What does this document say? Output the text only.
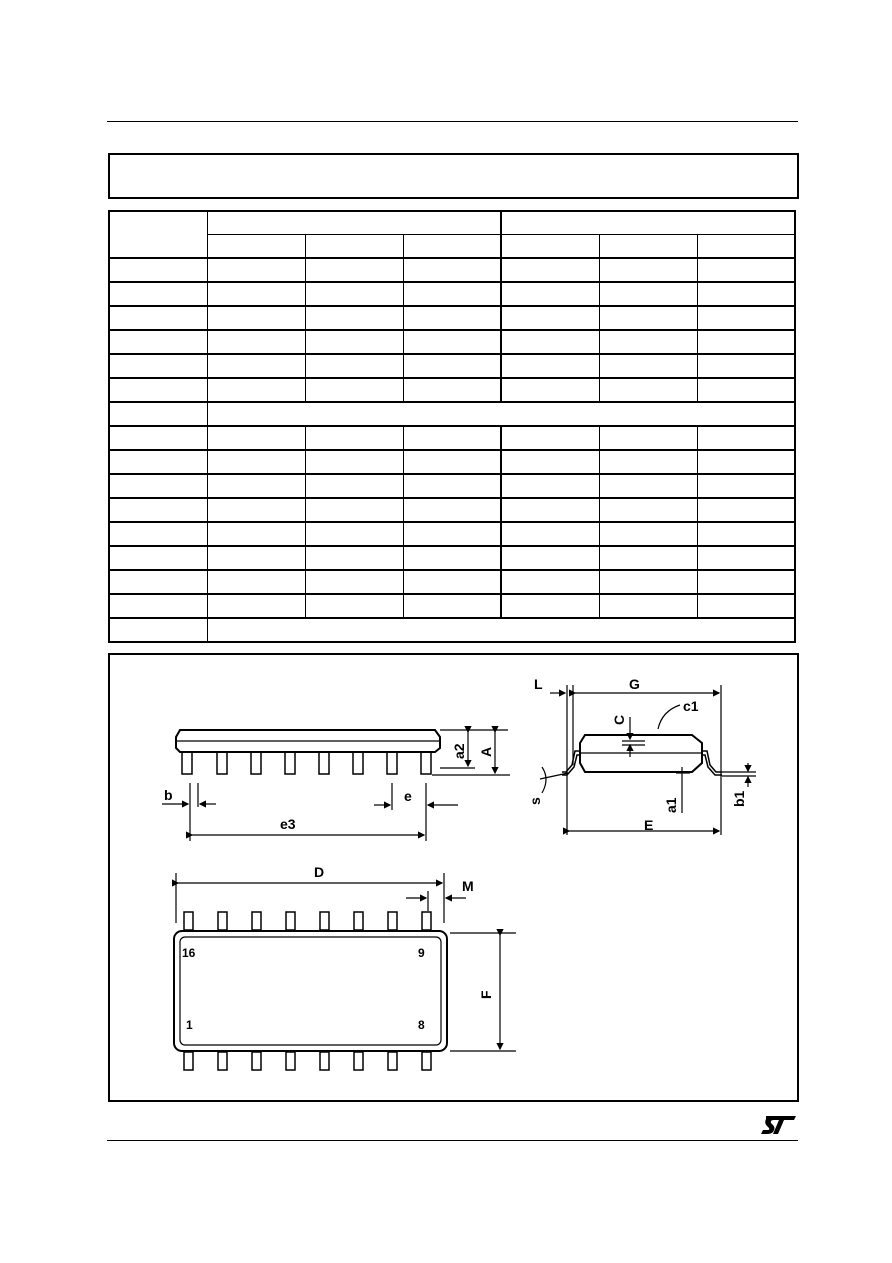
L	G
c1
C
a2 A
b	e
e3
s	a1
E
b1
D
M
F
16	9
1	8
